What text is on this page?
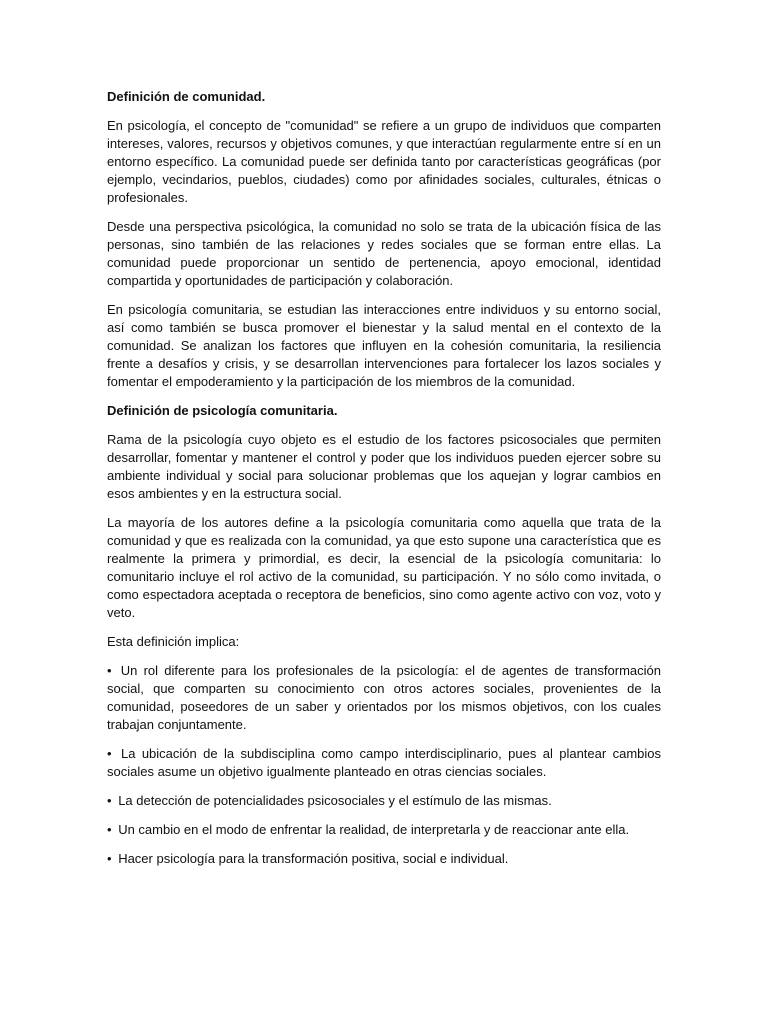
Definición de comunidad.

En psicología, el concepto de "comunidad" se refiere a un grupo de individuos que comparten intereses, valores, recursos y objetivos comunes, y que interactúan regularmente entre sí en un entorno específico. La comunidad puede ser definida tanto por características geográficas (por ejemplo, vecindarios, pueblos, ciudades) como por afinidades sociales, culturales, étnicas o profesionales.

Desde una perspectiva psicológica, la comunidad no solo se trata de la ubicación física de las personas, sino también de las relaciones y redes sociales que se forman entre ellas. La comunidad puede proporcionar un sentido de pertenencia, apoyo emocional, identidad compartida y oportunidades de participación y colaboración.

En psicología comunitaria, se estudian las interacciones entre individuos y su entorno social, así como también se busca promover el bienestar y la salud mental en el contexto de la comunidad. Se analizan los factores que influyen en la cohesión comunitaria, la resiliencia frente a desafíos y crisis, y se desarrollan intervenciones para fortalecer los lazos sociales y fomentar el empoderamiento y la participación de los miembros de la comunidad.

Definición de psicología comunitaria.

Rama de la psicología cuyo objeto es el estudio de los factores psicosociales que permiten desarrollar, fomentar y mantener el control y poder que los individuos pueden ejercer sobre su ambiente individual y social para solucionar problemas que los aquejan y lograr cambios en esos ambientes y en la estructura social.

La mayoría de los autores define a la psicología comunitaria como aquella que trata de la comunidad y que es realizada con la comunidad, ya que esto supone una característica que es realmente la primera y primordial, es decir, la esencial de la psicología comunitaria: lo comunitario incluye el rol activo de la comunidad, su participación. Y no sólo como invitada, o como espectadora aceptada o receptora de beneficios, sino como agente activo con voz, voto y veto.

Esta definición implica:

• Un rol diferente para los profesionales de la psicología: el de agentes de transformación social, que comparten su conocimiento con otros actores sociales, provenientes de la comunidad, poseedores de un saber y orientados por los mismos objetivos, con los cuales trabajan conjuntamente.
• La ubicación de la subdisciplina como campo interdisciplinario, pues al plantear cambios sociales asume un objetivo igualmente planteado en otras ciencias sociales.
• La detección de potencialidades psicosociales y el estímulo de las mismas.
• Un cambio en el modo de enfrentar la realidad, de interpretarla y de reaccionar ante ella.
• Hacer psicología para la transformación positiva, social e individual.
